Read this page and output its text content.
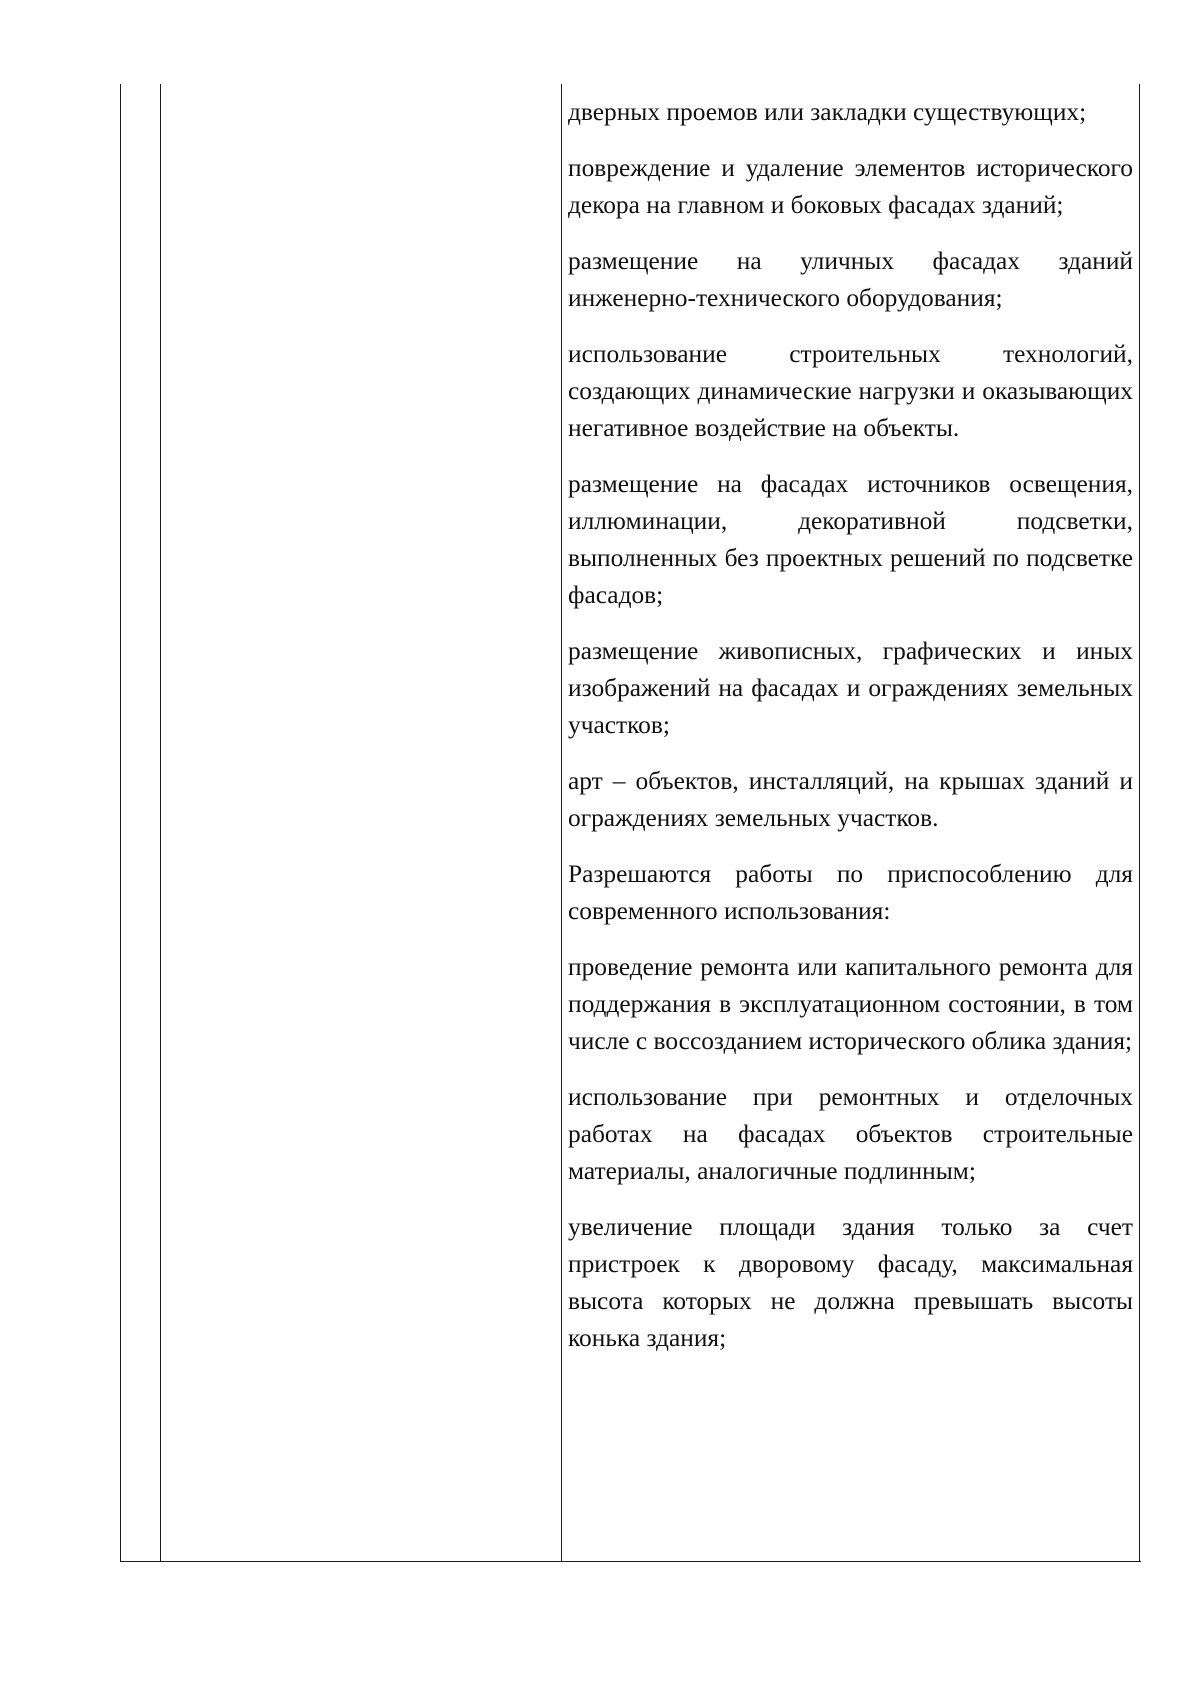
дверных проемов или закладки существующих;

повреждение и удаление элементов исторического декора на главном и боковых фасадах зданий;

размещение на уличных фасадах зданий инженерно-технического оборудования;

использование строительных технологий, создающих динамические нагрузки и оказывающих негативное воздействие на объекты.

размещение на фасадах источников освещения, иллюминации, декоративной подсветки, выполненных без проектных решений по подсветке фасадов;

размещение живописных, графических и иных изображений на фасадах и ограждениях земельных участков;

арт – объектов, инсталляций, на крышах зданий и ограждениях земельных участков.

Разрешаются работы по приспособлению для современного использования:

проведение ремонта или капитального ремонта для поддержания в эксплуатационном состоянии, в том числе с воссозданием исторического облика здания;

использование при ремонтных и отделочных работах на фасадах объектов строительные материалы, аналогичные подлинным;

увеличение площади здания только за счет пристроек к дворовому фасаду, максимальная высота которых не должна превышать высоты конька здания;
